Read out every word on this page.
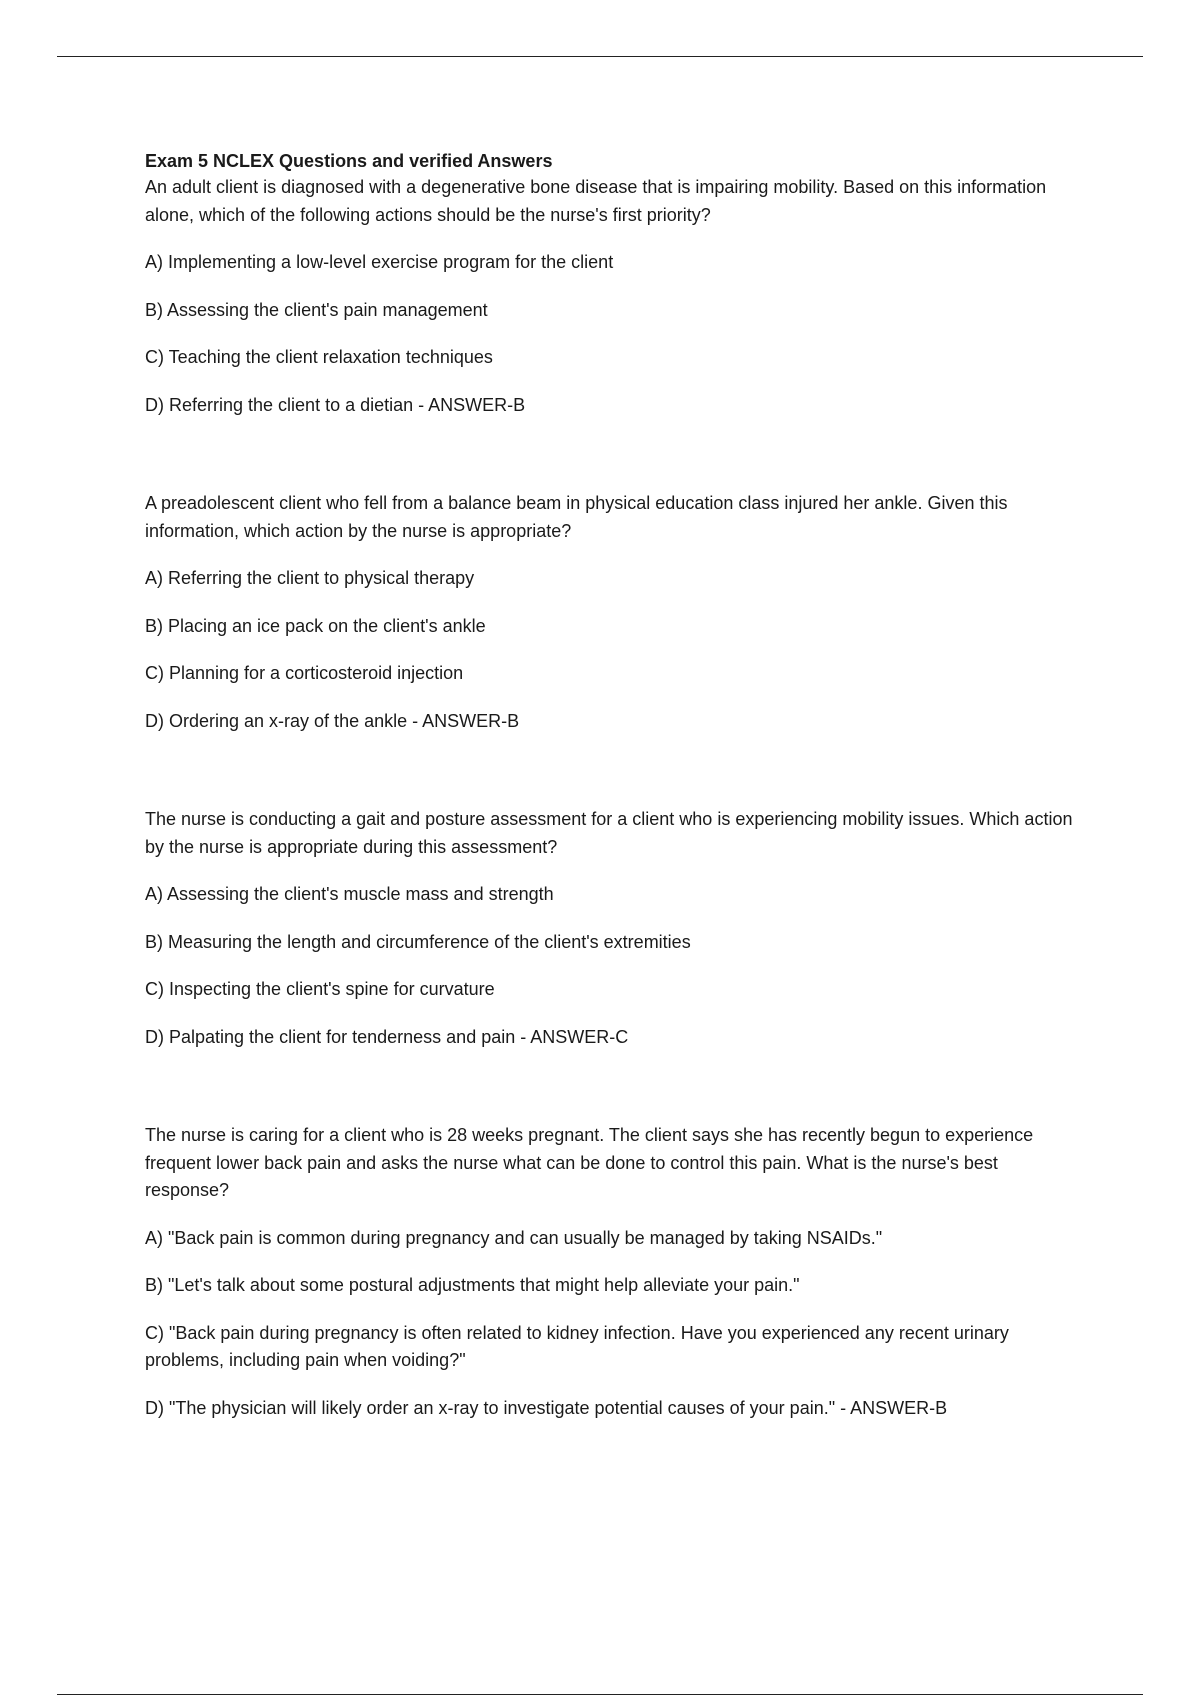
Exam 5 NCLEX Questions and verified Answers

An adult client is diagnosed with a degenerative bone disease that is impairing mobility. Based on this information alone, which of the following actions should be the nurse's first priority?

A) Implementing a low-level exercise program for the client

B) Assessing the client's pain management

C) Teaching the client relaxation techniques

D) Referring the client to a dietian - ANSWER-B

A preadolescent client who fell from a balance beam in physical education class injured her ankle. Given this information, which action by the nurse is appropriate?

A) Referring the client to physical therapy

B) Placing an ice pack on the client's ankle

C) Planning for a corticosteroid injection

D) Ordering an x-ray of the ankle - ANSWER-B

The nurse is conducting a gait and posture assessment for a client who is experiencing mobility issues. Which action by the nurse is appropriate during this assessment?

A) Assessing the client's muscle mass and strength

B) Measuring the length and circumference of the client's extremities

C) Inspecting the client's spine for curvature

D) Palpating the client for tenderness and pain - ANSWER-C

The nurse is caring for a client who is 28 weeks pregnant. The client says she has recently begun to experience frequent lower back pain and asks the nurse what can be done to control this pain. What is the nurse's best response?

A) "Back pain is common during pregnancy and can usually be managed by taking NSAIDs."

B) "Let's talk about some postural adjustments that might help alleviate your pain."

C) "Back pain during pregnancy is often related to kidney infection. Have you experienced any recent urinary problems, including pain when voiding?"

D) "The physician will likely order an x-ray to investigate potential causes of your pain." - ANSWER-B
